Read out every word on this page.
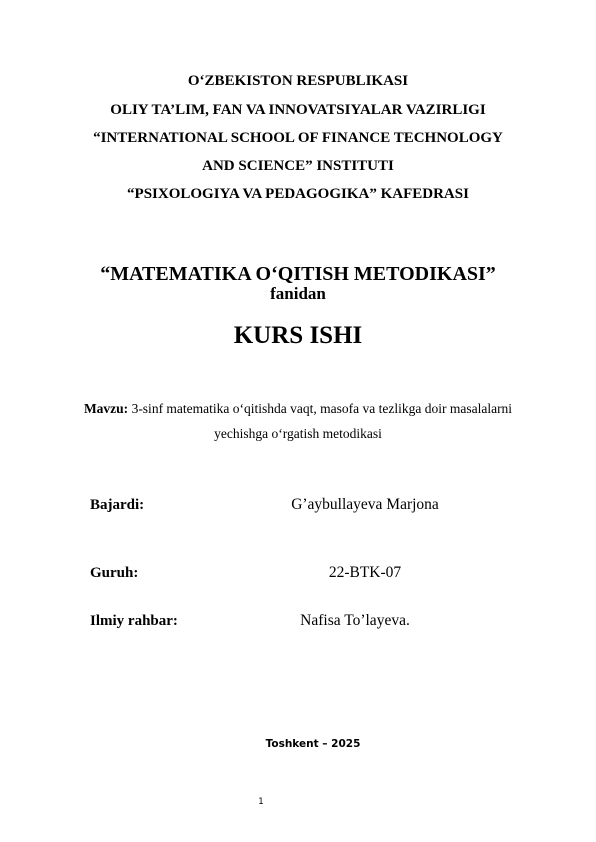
O‘ZBEKISTON RESPUBLIKASI
OLIY TA’LIM, FAN VA INNOVATSIYALAR VAZIRLIGI
“INTERNATIONAL SCHOOL OF FINANCE TECHNOLOGY
AND SCIENCE” INSTITUTI
“PSIXOLOGIYA VA PEDAGOGIKA” KAFEDRASI
“MATEMATIKA O‘QITISH METODIKASI”
fanidan
KURS ISHI
Mavzu: 3-sinf matematika o‘qitishda vaqt, masofa va tezlikga doir masalalarni
yechishga o‘rgatish metodikasi
Bajardi:	G’aybullayeva Marjona
Guruh:	22-BTK-07
Ilmiy rahbar:	Nafisa To’layeva.
Toshkent – 2025
1
